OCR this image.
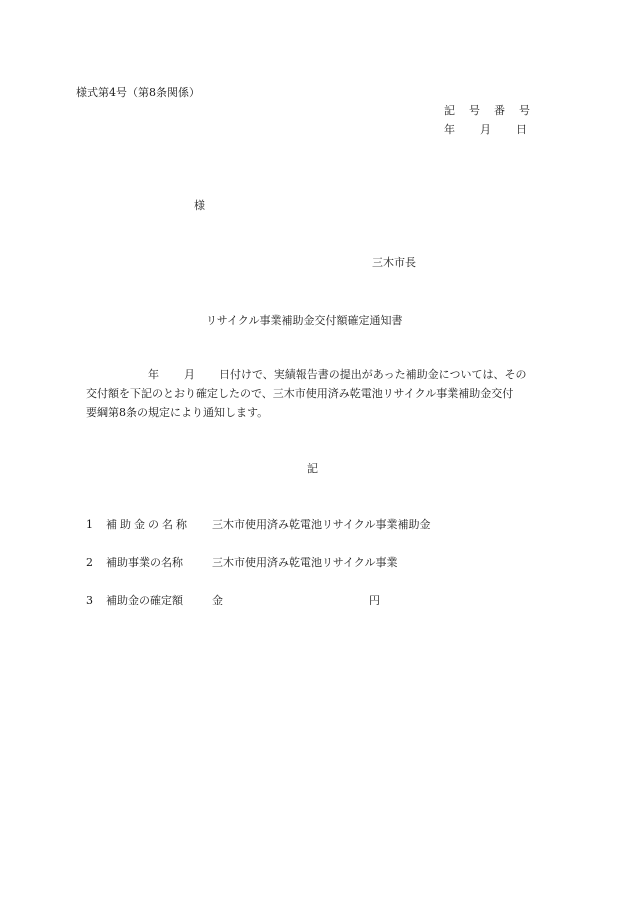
様式第4号（第8条関係）
記 号 番 号
年 月 日
様
三木市長
リサイクル事業補助金交付額確定通知書
年 月 日付けで、実績報告書の提出があった補助金については、その
交付額を下記のとおり確定したので、三木市使用済み乾電池リサイクル事業補助金交付
要綱第8条の規定により通知します。
記
1 補助金の名称 三木市使用済み乾電池リサイクル事業補助金
2 補助事業の名称	三木市使用済み乾電池リサイクル事業
3 補助金の確定額	金	円
